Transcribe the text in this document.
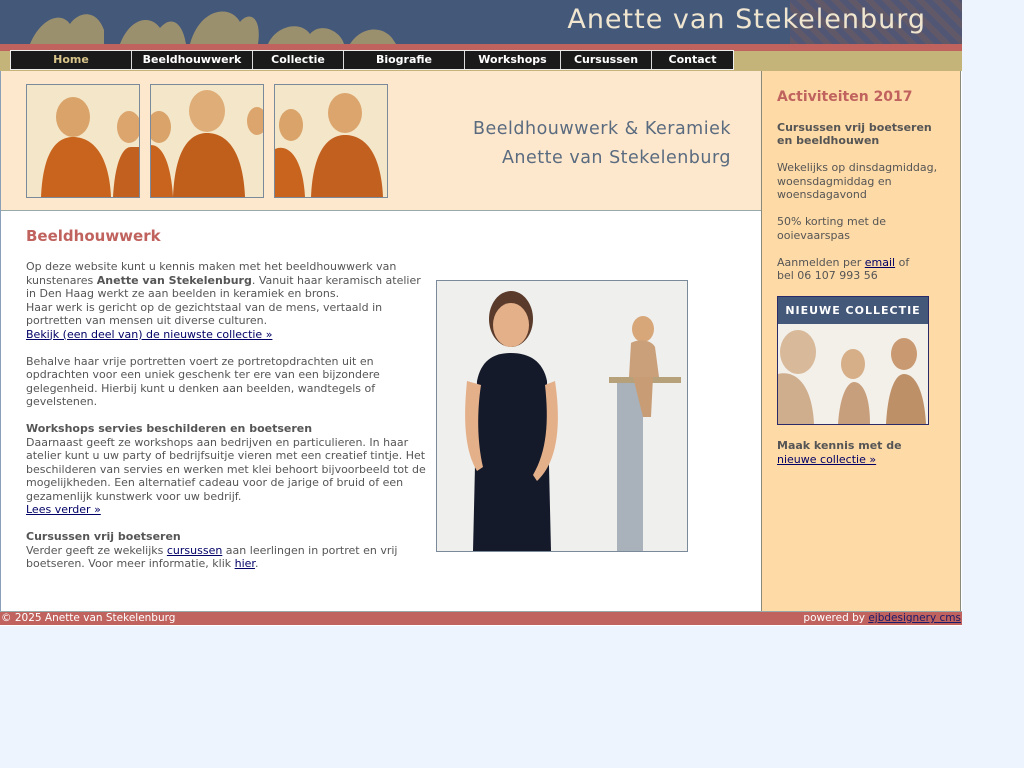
Anette van Stekelenburg
Home	Beeldhouwwerk	Collectie	Biografie	Workshops	Cursussen	Contact
Beeldhouwwerk & Keramiek
Anette van Stekelenburg
Beeldhouwwerk

Op deze website kunt u kennis maken met het beeldhouwwerk van kunstenares Anette van Stekelenburg. Vanuit haar keramisch atelier in Den Haag werkt ze aan beelden in keramiek en brons.
Haar werk is gericht op de gezichtstaal van de mens, vertaald in portretten van mensen uit diverse culturen.
Bekijk (een deel van) de nieuwste collectie »

Behalve haar vrije portretten voert ze portretopdrachten uit en opdrachten voor een uniek geschenk ter ere van een bijzondere gelegenheid. Hierbij kunt u denken aan beelden, wandtegels of gevelstenen.

Workshops servies beschilderen en boetseren
Daarnaast geeft ze workshops aan bedrijven en particulieren. In haar atelier kunt u uw party of bedrijfsuitje vieren met een creatief tintje. Het beschilderen van servies en werken met klei behoort bijvoorbeeld tot de mogelijkheden. Een alternatief cadeau voor de jarige of bruid of een gezamenlijk kunstwerk voor uw bedrijf.
Lees verder »

Cursussen vrij boetseren
Verder geeft ze wekelijks cursussen aan leerlingen in portret en vrij boetseren. Voor meer informatie, klik hier.

Activiteiten 2017

Cursussen vrij boetseren en beeldhouwen

Wekelijks op dinsdagmiddag, woensdagmiddag en woensdagavond

50% korting met de ooievaarspas

Aanmelden per email of
bel 06 107 993 56

NIEUWE COLLECTIE

Maak kennis met de
nieuwe collectie »

© 2025 Anette van Stekelenburg	powered by ejbdesignery cms
